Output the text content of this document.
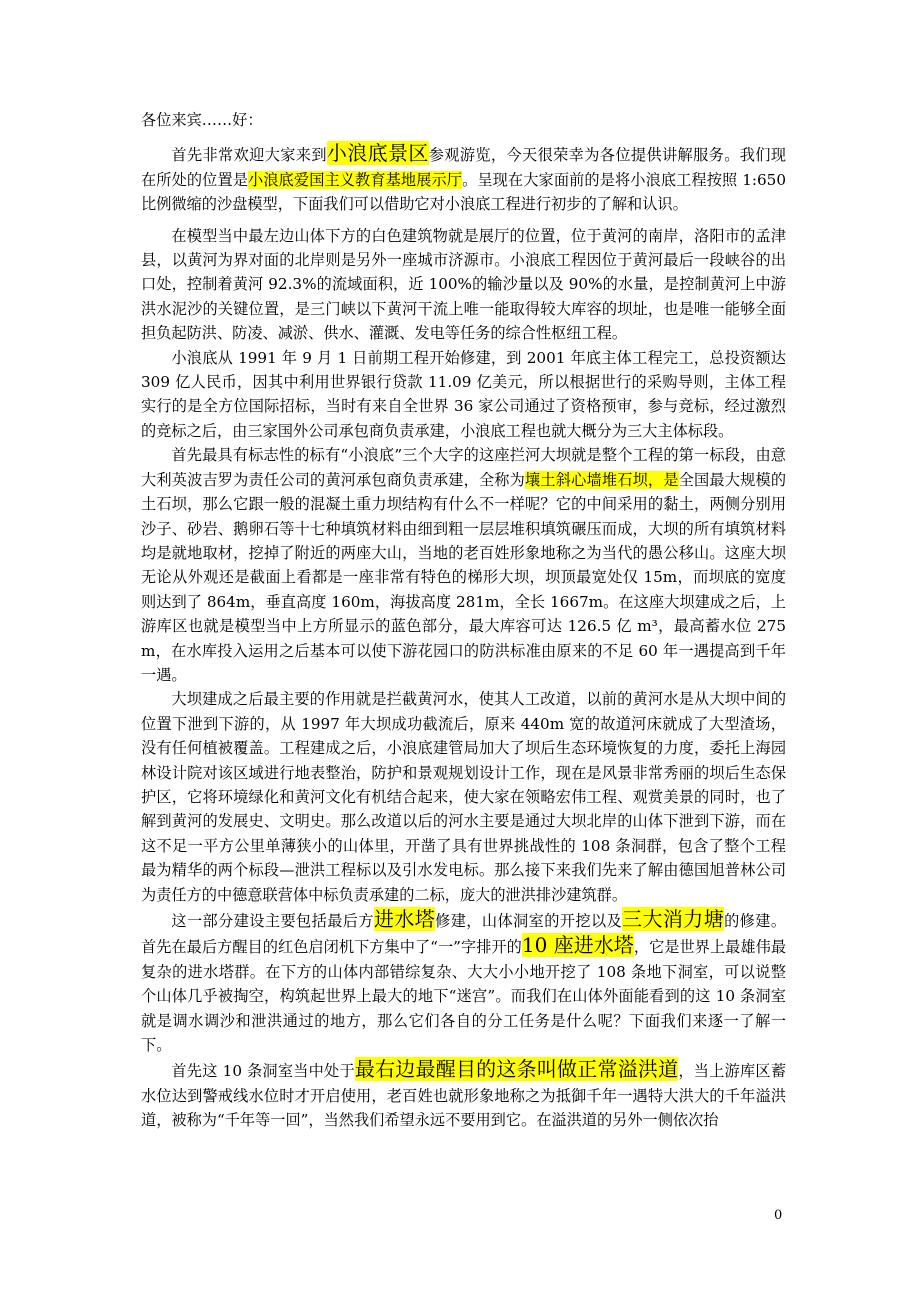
各位来宾……好：

首先非常欢迎大家来到小浪底景区参观游览，今天很荣幸为各位提供讲解服务。我们现在所处的位置是小浪底爱国主义教育基地展示厅。呈现在大家面前的是将小浪底工程按照 1:650 比例微缩的沙盘模型，下面我们可以借助它对小浪底工程进行初步的了解和认识。

在模型当中最左边山体下方的白色建筑物就是展厅的位置，位于黄河的南岸，洛阳市的孟津县，以黄河为界对面的北岸则是另外一座城市济源市。小浪底工程因位于黄河最后一段峡谷的出口处，控制着黄河 92.3%的流域面积，近 100%的输沙量以及 90%的水量，是控制黄河上中游洪水泥沙的关键位置，是三门峡以下黄河干流上唯一能取得较大库容的坝址，也是唯一能够全面担负起防洪、防凌、减淤、供水、灌溉、发电等任务的综合性枢纽工程。

小浪底从 1991 年 9 月 1 日前期工程开始修建，到 2001 年底主体工程完工，总投资额达 309 亿人民币，因其中利用世界银行贷款 11.09 亿美元，所以根据世行的采购导则，主体工程实行的是全方位国际招标，当时有来自全世界 36 家公司通过了资格预审，参与竞标，经过激烈的竞标之后，由三家国外公司承包商负责承建，小浪底工程也就大概分为三大主体标段。

首先最具有标志性的标有“小浪底”三个大字的这座拦河大坝就是整个工程的第一标段，由意大利英波吉罗为责任公司的黄河承包商负责承建，全称为壤土斜心墙堆石坝，是全国最大规模的土石坝，那么它跟一般的混凝土重力坝结构有什么不一样呢？它的中间采用的黏土，两侧分别用沙子、砂岩、鹅卵石等十七种填筑材料由细到粗一层层堆积填筑碾压而成，大坝的所有填筑材料均是就地取材，挖掉了附近的两座大山，当地的老百姓形象地称之为当代的愚公移山。这座大坝无论从外观还是截面上看都是一座非常有特色的梯形大坝，坝顶最宽处仅 15m，而坝底的宽度则达到了 864m，垂直高度 160m，海拔高度 281m，全长 1667m。在这座大坝建成之后，上游库区也就是模型当中上方所显示的蓝色部分，最大库容可达 126.5 亿 m³，最高蓄水位 275m，在水库投入运用之后基本可以使下游花园口的防洪标准由原来的不足 60 年一遇提高到千年一遇。

大坝建成之后最主要的作用就是拦截黄河水，使其人工改道，以前的黄河水是从大坝中间的位置下泄到下游的，从 1997 年大坝成功截流后，原来 440m 宽的故道河床就成了大型渣场，没有任何植被覆盖。工程建成之后，小浪底建管局加大了坝后生态环境恢复的力度，委托上海园林设计院对该区域进行地表整治，防护和景观规划设计工作，现在是风景非常秀丽的坝后生态保护区，它将环境绿化和黄河文化有机结合起来，使大家在领略宏伟工程、观赏美景的同时，也了解到黄河的发展史、文明史。那么改道以后的河水主要是通过大坝北岸的山体下泄到下游，而在这不足一平方公里单薄狭小的山体里，开凿了具有世界挑战性的 108 条洞群，包含了整个工程最为精华的两个标段—泄洪工程标以及引水发电标。那么接下来我们先来了解由德国旭普林公司为责任方的中德意联营体中标负责承建的二标，庞大的泄洪排沙建筑群。

这一部分建设主要包括最后方进水塔修建，山体洞室的开挖以及三大消力塘的修建。首先在最后方醒目的红色启闭机下方集中了“一”字排开的10 座进水塔，它是世界上最雄伟最复杂的进水塔群。在下方的山体内部错综复杂、大大小小地开挖了 108 条地下洞室，可以说整个山体几乎被掏空，构筑起世界上最大的地下“迷宫”。而我们在山体外面能看到的这 10 条洞室就是调水调沙和泄洪通过的地方，那么它们各自的分工任务是什么呢？下面我们来逐一了解一下。

首先这 10 条洞室当中处于最右边最醒目的这条叫做正常溢洪道，当上游库区蓄水位达到警戒线水位时才开启使用，老百姓也就形象地称之为抵御千年一遇特大洪大的千年溢洪道，被称为“千年等一回”，当然我们希望永远不要用到它。在溢洪道的另外一侧依次抬

0
